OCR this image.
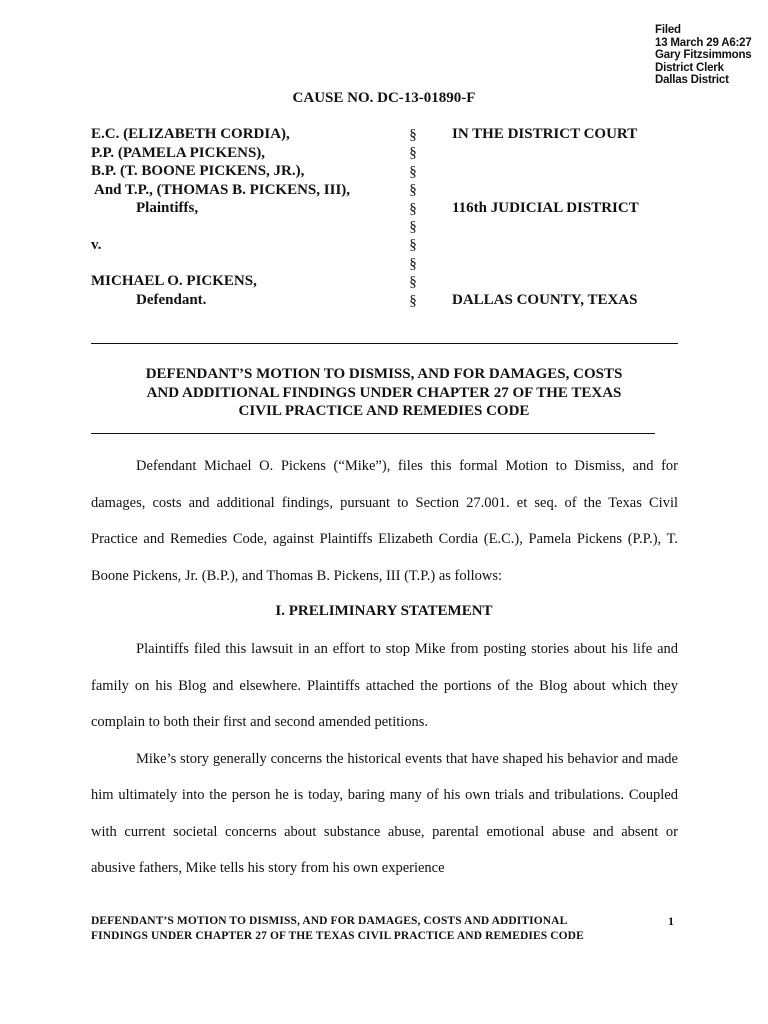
Filed
13 March 29 A6:27
Gary Fitzsimmons
District Clerk
Dallas District
CAUSE NO. DC-13-01890-F
E.C. (ELIZABETH CORDIA),
P.P. (PAMELA PICKENS),
B.P. (T. BOONE PICKENS, JR.),
And T.P., (THOMAS B. PICKENS, III),
Plaintiffs,
v.
MICHAEL O. PICKENS,
Defendant.
§
§
§
§
§
§
§
§
§
§
IN THE DISTRICT COURT
116th JUDICIAL DISTRICT
DALLAS COUNTY, TEXAS
DEFENDANT’S MOTION TO DISMISS, AND FOR DAMAGES, COSTS
AND ADDITIONAL FINDINGS UNDER CHAPTER 27 OF THE TEXAS
CIVIL PRACTICE AND REMEDIES CODE

Defendant Michael O. Pickens (“Mike”), files this formal Motion to Dismiss, and for damages, costs and additional findings, pursuant to Section 27.001. et seq. of the Texas Civil Practice and Remedies Code, against Plaintiffs Elizabeth Cordia (E.C.), Pamela Pickens (P.P.), T. Boone Pickens, Jr. (B.P.), and Thomas B. Pickens, III (T.P.) as follows:

I. PRELIMINARY STATEMENT

Plaintiffs filed this lawsuit in an effort to stop Mike from posting stories about his life and family on his Blog and elsewhere. Plaintiffs attached the portions of the Blog about which they complain to both their first and second amended petitions.

Mike’s story generally concerns the historical events that have shaped his behavior and made him ultimately into the person he is today, baring many of his own trials and tribulations. Coupled with current societal concerns about substance abuse, parental emotional abuse and absent or abusive fathers, Mike tells his story from his own experience

DEFENDANT’S MOTION TO DISMISS, AND FOR DAMAGES, COSTS AND ADDITIONAL
FINDINGS UNDER CHAPTER 27 OF THE TEXAS CIVIL PRACTICE AND REMEDIES CODE
1
